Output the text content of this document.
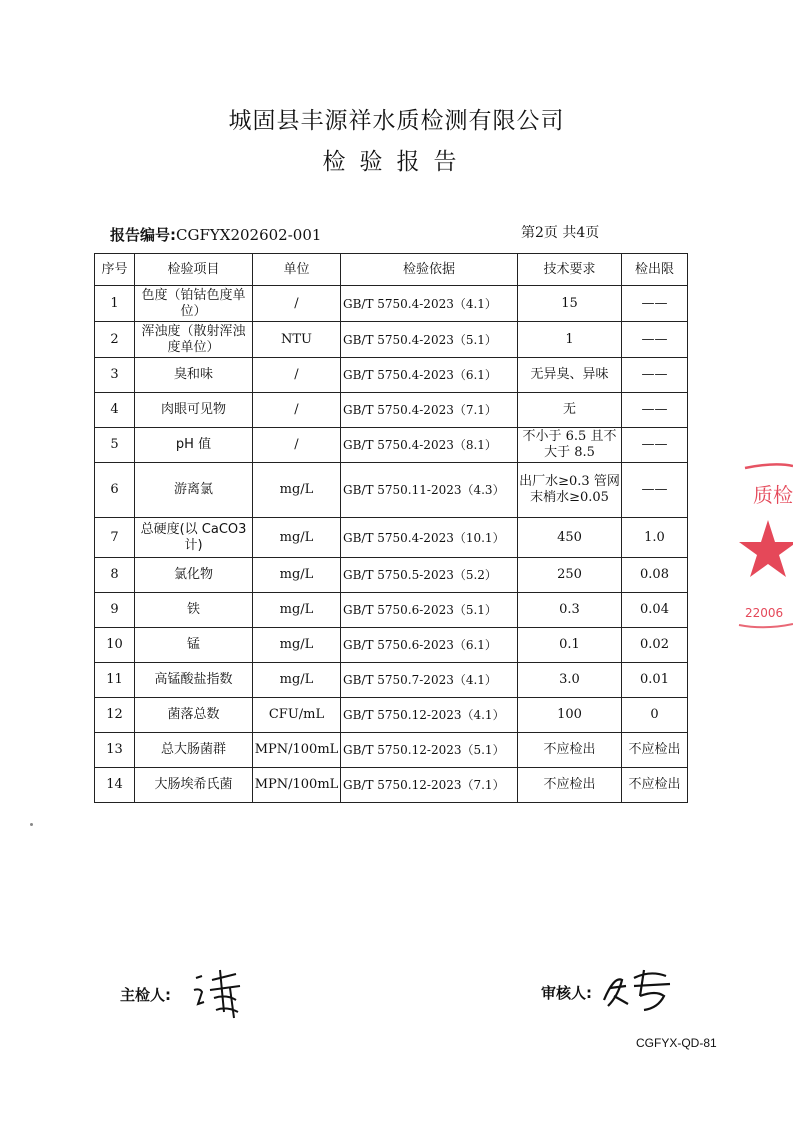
城固县丰源祥水质检测有限公司
检验报告
报告编号:CGFYX202602-001	第2页 共4页
序号	检验项目	单位	检验依据	技术要求	检出限
1	色度（铂钴色度单位）	/	GB/T 5750.4-2023（4.1）	15	——
2	浑浊度（散射浑浊度单位）	NTU	GB/T 5750.4-2023（5.1）	1	——
3	臭和味	/	GB/T 5750.4-2023（6.1）	无异臭、异味	——
4	肉眼可见物	/	GB/T 5750.4-2023（7.1）	无	——
5	pH 值	/	GB/T 5750.4-2023（8.1）	不小于 6.5 且不大于 8.5	——
6	游离氯	mg/L	GB/T 5750.11-2023（4.3）	出厂水≥0.3 管网末梢水≥0.05	——
7	总硬度(以 CaCO3计)	mg/L	GB/T 5750.4-2023（10.1）	450	1.0
8	氯化物	mg/L	GB/T 5750.5-2023（5.2）	250	0.08
9	铁	mg/L	GB/T 5750.6-2023（5.1）	0.3	0.04
10	锰	mg/L	GB/T 5750.6-2023（6.1）	0.1	0.02
11	高锰酸盐指数	mg/L	GB/T 5750.7-2023（4.1）	3.0	0.01
12	菌落总数	CFU/mL	GB/T 5750.12-2023（4.1）	100	0
13	总大肠菌群	MPN/100mL	GB/T 5750.12-2023（5.1）	不应检出	不应检出
14	大肠埃希氏菌	MPN/100mL	GB/T 5750.12-2023（7.1）	不应检出	不应检出
质检
22006
主检人:	审核人:
CGFYX-QD-81
